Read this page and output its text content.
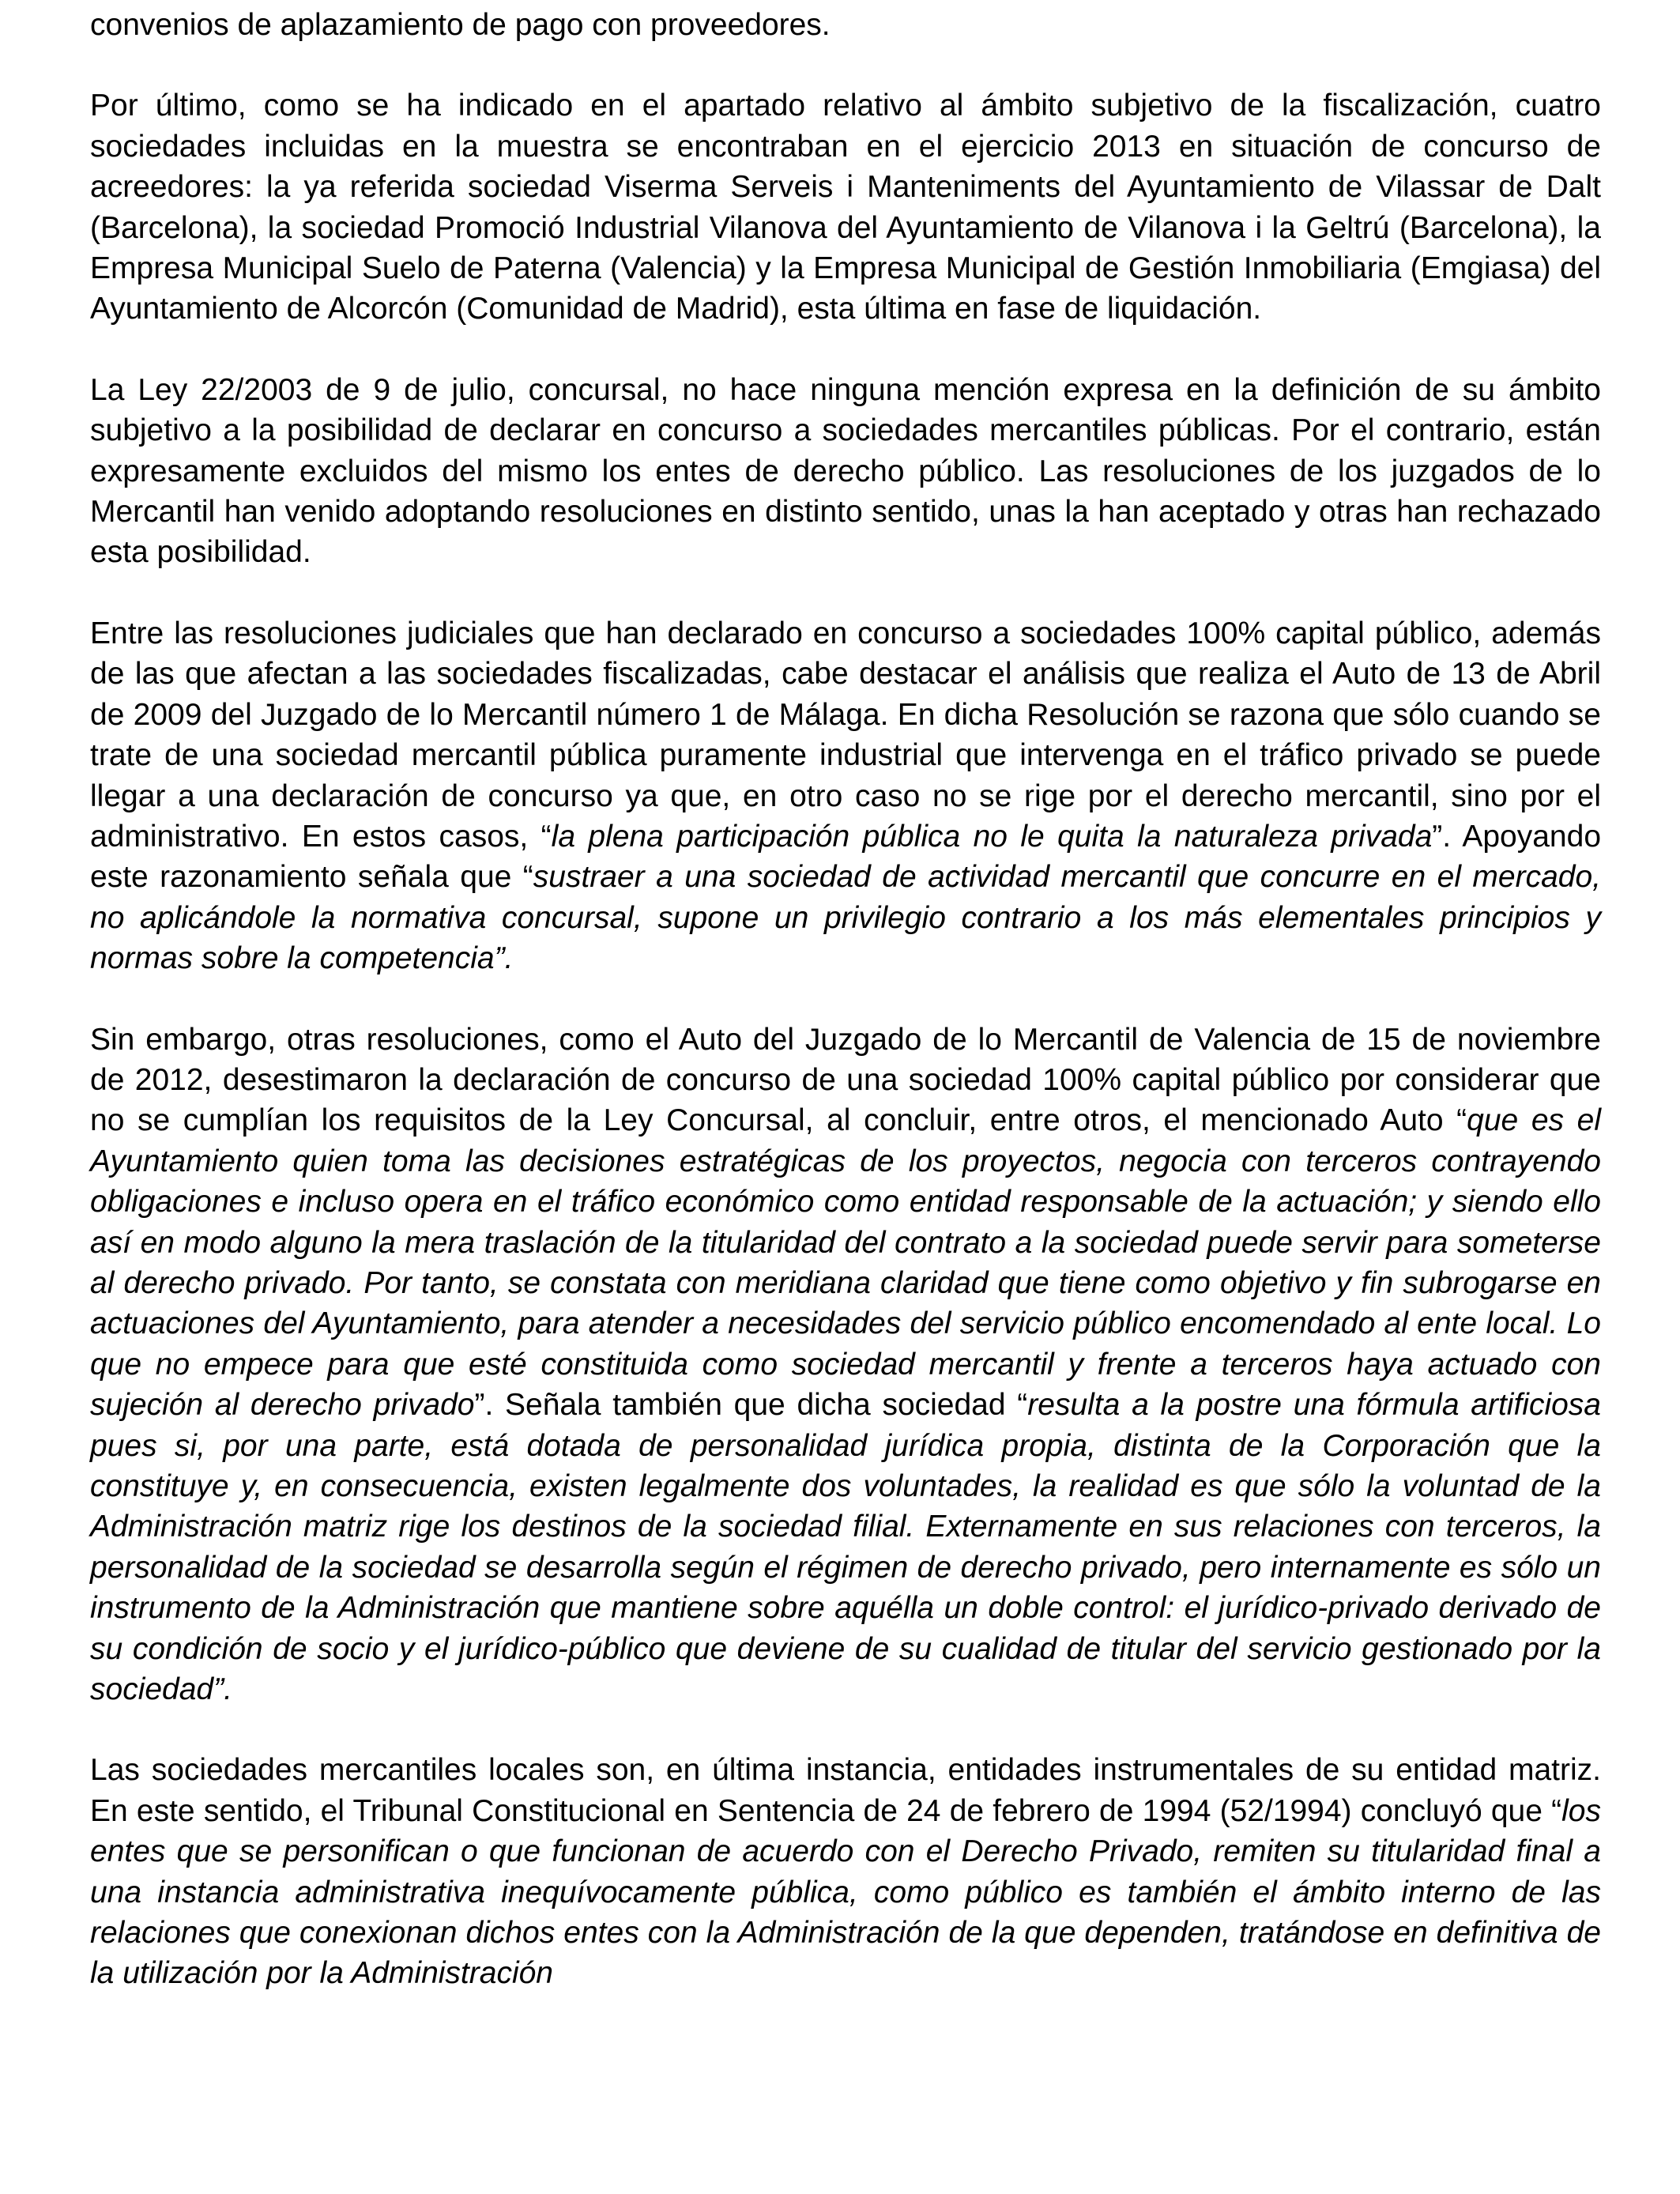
convenios de aplazamiento de pago con proveedores.

Por último, como se ha indicado en el apartado relativo al ámbito subjetivo de la fiscalización, cuatro sociedades incluidas en la muestra se encontraban en el ejercicio 2013 en situación de concurso de acreedores: la ya referida sociedad Viserma Serveis i Manteniments del Ayuntamiento de Vilassar de Dalt (Barcelona), la sociedad Promoció Industrial Vilanova del Ayuntamiento de Vilanova i la Geltrú (Barcelona), la Empresa Municipal Suelo de Paterna (Valencia) y la Empresa Municipal de Gestión Inmobiliaria (Emgiasa) del Ayuntamiento de Alcorcón (Comunidad de Madrid), esta última en fase de liquidación.

La Ley 22/2003 de 9 de julio, concursal, no hace ninguna mención expresa en la definición de su ámbito subjetivo a la posibilidad de declarar en concurso a sociedades mercantiles públicas. Por el contrario, están expresamente excluidos del mismo los entes de derecho público. Las resoluciones de los juzgados de lo Mercantil han venido adoptando resoluciones en distinto sentido, unas la han aceptado y otras han rechazado esta posibilidad.

Entre las resoluciones judiciales que han declarado en concurso a sociedades 100% capital público, además de las que afectan a las sociedades fiscalizadas, cabe destacar el análisis que realiza el Auto de 13 de Abril de 2009 del Juzgado de lo Mercantil número 1 de Málaga. En dicha Resolución se razona que sólo cuando se trate de una sociedad mercantil pública puramente industrial que intervenga en el tráfico privado se puede llegar a una declaración de concurso ya que, en otro caso no se rige por el derecho mercantil, sino por el administrativo. En estos casos, “la plena participación pública no le quita la naturaleza privada”. Apoyando este razonamiento señala que “sustraer a una sociedad de actividad mercantil que concurre en el mercado, no aplicándole la normativa concursal, supone un privilegio contrario a los más elementales principios y normas sobre la competencia”.

Sin embargo, otras resoluciones, como el Auto del Juzgado de lo Mercantil de Valencia de 15 de noviembre de 2012, desestimaron la declaración de concurso de una sociedad 100% capital público por considerar que no se cumplían los requisitos de la Ley Concursal, al concluir, entre otros, el mencionado Auto “que es el Ayuntamiento quien toma las decisiones estratégicas de los proyectos, negocia con terceros contrayendo obligaciones e incluso opera en el tráfico económico como entidad responsable de la actuación; y siendo ello así en modo alguno la mera traslación de la titularidad del contrato a la sociedad puede servir para someterse al derecho privado. Por tanto, se constata con meridiana claridad que tiene como objetivo y fin subrogarse en actuaciones del Ayuntamiento, para atender a necesidades del servicio público encomendado al ente local. Lo que no empece para que esté constituida como sociedad mercantil y frente a terceros haya actuado con sujeción al derecho privado”. Señala también que dicha sociedad “resulta a la postre una fórmula artificiosa pues si, por una parte, está dotada de personalidad jurídica propia, distinta de la Corporación que la constituye y, en consecuencia, existen legalmente dos voluntades, la realidad es que sólo la voluntad de la Administración matriz rige los destinos de la sociedad filial. Externamente en sus relaciones con terceros, la personalidad de la sociedad se desarrolla según el régimen de derecho privado, pero internamente es sólo un instrumento de la Administración que mantiene sobre aquélla un doble control: el jurídico-privado derivado de su condición de socio y el jurídico-público que deviene de su cualidad de titular del servicio gestionado por la sociedad”.

Las sociedades mercantiles locales son, en última instancia, entidades instrumentales de su entidad matriz. En este sentido, el Tribunal Constitucional en Sentencia de 24 de febrero de 1994 (52/1994) concluyó que “los entes que se personifican o que funcionan de acuerdo con el Derecho Privado, remiten su titularidad final a una instancia administrativa inequívocamente pública, como público es también el ámbito interno de las relaciones que conexionan dichos entes con la Administración de la que dependen, tratándose en definitiva de la utilización por la Administración
